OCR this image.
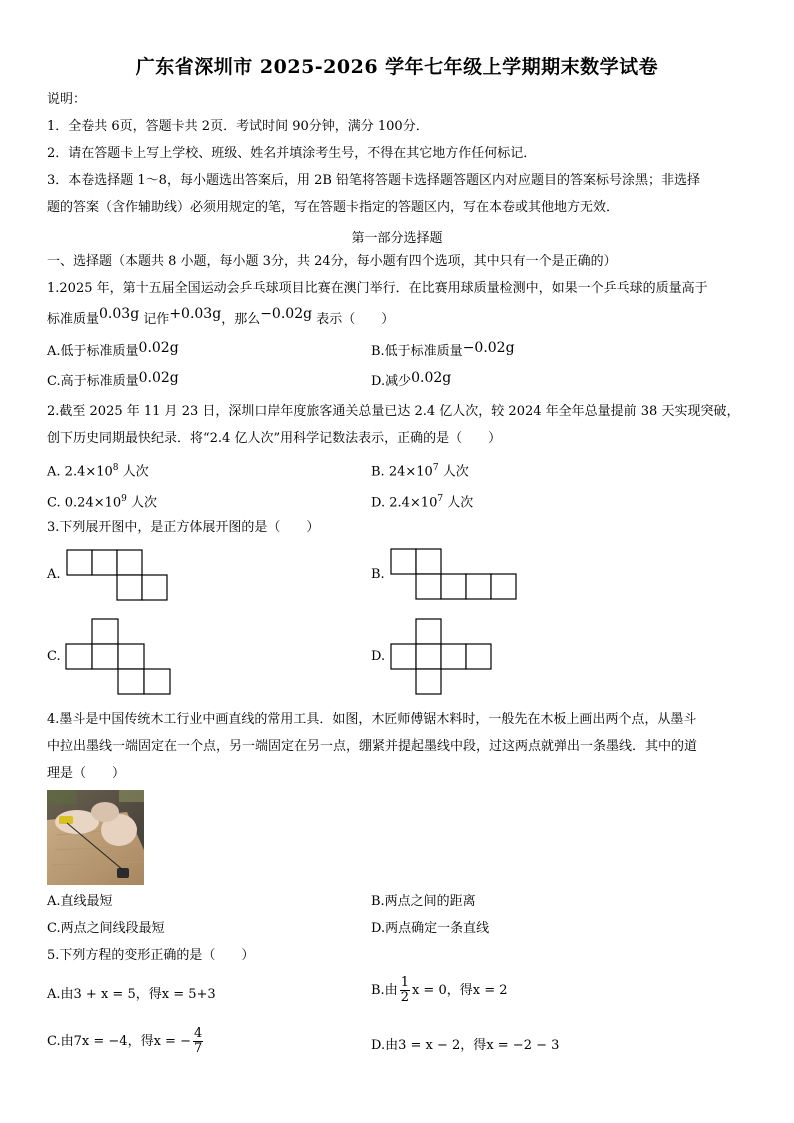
广东省深圳市 2025-2026 学年七年级上学期期末数学试卷
说明：
1．全卷共 6页，答题卡共 2页．考试时间 90分钟，满分 100分．
2．请在答题卡上写上学校、班级、姓名并填涂考生号，不得在其它地方作任何标记．
3．本卷选择题 1～8，每小题选出答案后，用 2B 铅笔将答题卡选择题答题区内对应题目的答案标号涂黑；非选择
题的答案（含作辅助线）必须用规定的笔，写在答题卡指定的答题区内，写在本卷或其他地方无效．
第一部分选择题
一、选择题（本题共 8 小题，每小题 3分，共 24分，每小题有四个选项，其中只有一个是正确的）
1.2025 年，第十五届全国运动会乒乓球项目比赛在澳门举行．在比赛用球质量检测中，如果一个乒乓球的质量高于
标准质量0.03g 记作+0.03g，那么−0.02g 表示（　　）
A.低于标准质量0.02g	B.低于标准质量−0.02g
C.高于标准质量0.02g	D.减少0.02g
2.截至 2025 年 11 月 23 日，深圳口岸年度旅客通关总量已达 2.4 亿人次，较 2024 年全年总量提前 38 天实现突破，
创下历史同期最快纪录．将“2.4 亿人次”用科学记数法表示，正确的是（　　）
A. $2.4\times 10^8$ 人次	B. $24\times 10^7$ 人次
C. $0.24\times 10^9$ 人次	D. $2.4\times 10^7$ 人次
3.下列展开图中，是正方体展开图的是（　　）
A.	B.
C.	D.
4.墨斗是中国传统木工行业中画直线的常用工具．如图，木匠师傅锯木料时，一般先在木板上画出两个点，从墨斗
中拉出墨线一端固定在一个点，另一端固定在另一点，绷紧并提起墨线中段，过这两点就弹出一条墨线．其中的道
理是（　　）
A.直线最短	B.两点之间的距离
C.两点之间线段最短	D.两点确定一条直线
5.下列方程的变形正确的是（　　）
A.由3 + x = 5，得x = 5+3	B.由 $\frac{1}{2}$ x = 0，得x = 2
C.由7x = −4，得x = − $\frac{4}{7}$	D.由3 = x − 2，得x = −2 − 3
